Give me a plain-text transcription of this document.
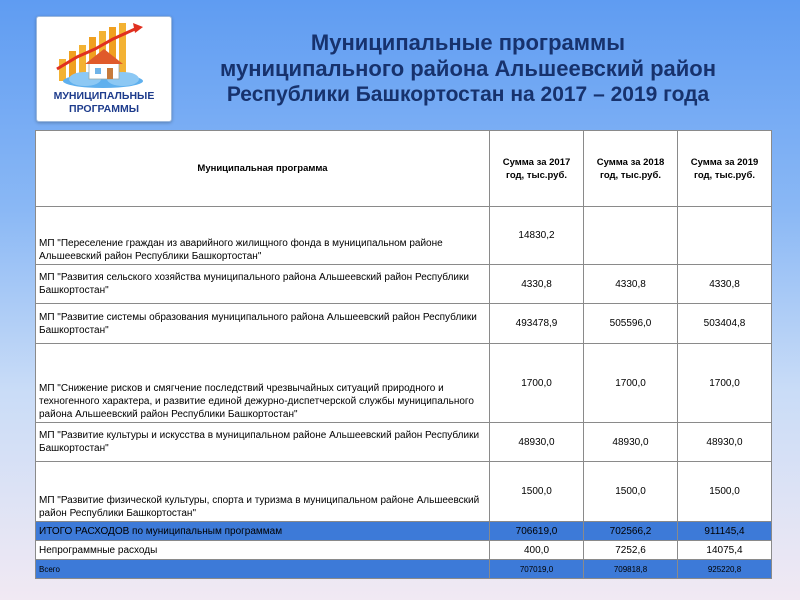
МУНИЦИПАЛЬНЫЕ
ПРОГРАММЫ
Муниципальные программы
муниципального района Альшеевский район
Республики Башкортостан на 2017 – 2019 года
Муниципальная программа	Сумма за 2017 год, тыс.руб.	Сумма за 2018 год, тыс.руб.	Сумма за 2019 год, тыс.руб.
МП "Переселение граждан из аварийного жилищного фонда в муниципальном районе Альшеевский район Республики Башкортостан"	14830,2		
МП "Развития сельского хозяйства муниципального района Альшеевский район Республики Башкортостан"	4330,8	4330,8	4330,8
МП "Развитие системы образования муниципального района Альшеевский район Республики Башкортостан"	493478,9	505596,0	503404,8
МП "Снижение рисков и смягчение последствий чрезвычайных ситуаций природного и техногенного характера, и развитие единой дежурно-диспетчерской службы муниципального района Альшеевский район Республики Башкортостан"	1700,0	1700,0	1700,0
МП "Развитие культуры и искусства в муниципальном районе Альшеевский район Республики Башкортостан"	48930,0	48930,0	48930,0
МП "Развитие физической культуры, спорта и туризма в муниципальном районе Альшеевский район Республики Башкортостан"	1500,0	1500,0	1500,0
ИТОГО РАСХОДОВ по муниципальным программам	706619,0	702566,2	911145,4
Непрограммные расходы	400,0	7252,6	14075,4
Всего	707019,0	709818,8	925220,8
